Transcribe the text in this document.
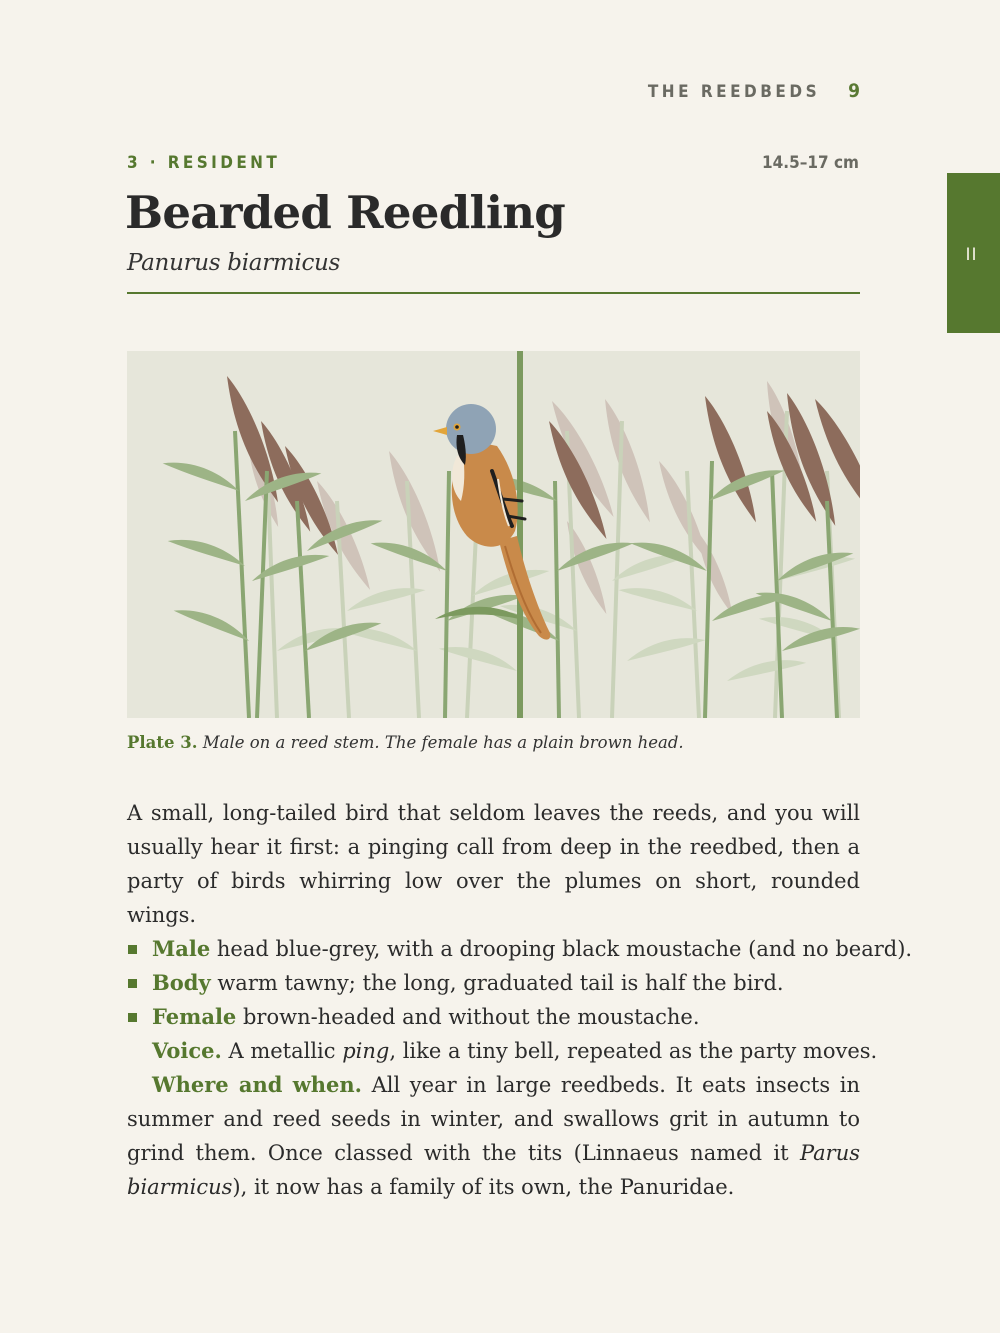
THE REEDBEDS 9
II
3 · RESIDENT	14.5–17 cm
Bearded Reedling
Panurus biarmicus
Plate 3. Male on a reed stem. The female has a plain brown head.

A small, long-tailed bird that seldom leaves the reeds, and you will usually hear it first: a pinging call from deep in the reedbed, then a party of birds whirring low over the plumes on short, rounded wings.

Male head blue-grey, with a drooping black moustache (and no beard).
Body warm tawny; the long, graduated tail is half the bird.
Female brown-headed and without the moustache.

Voice. A metallic ping, like a tiny bell, repeated as the party moves.

Where and when. All year in large reedbeds. It eats insects in summer and reed seeds in winter, and swallows grit in autumn to grind them. Once classed with the tits (Linnaeus named it Parus biarmicus), it now has a family of its own, the Panuridae.
